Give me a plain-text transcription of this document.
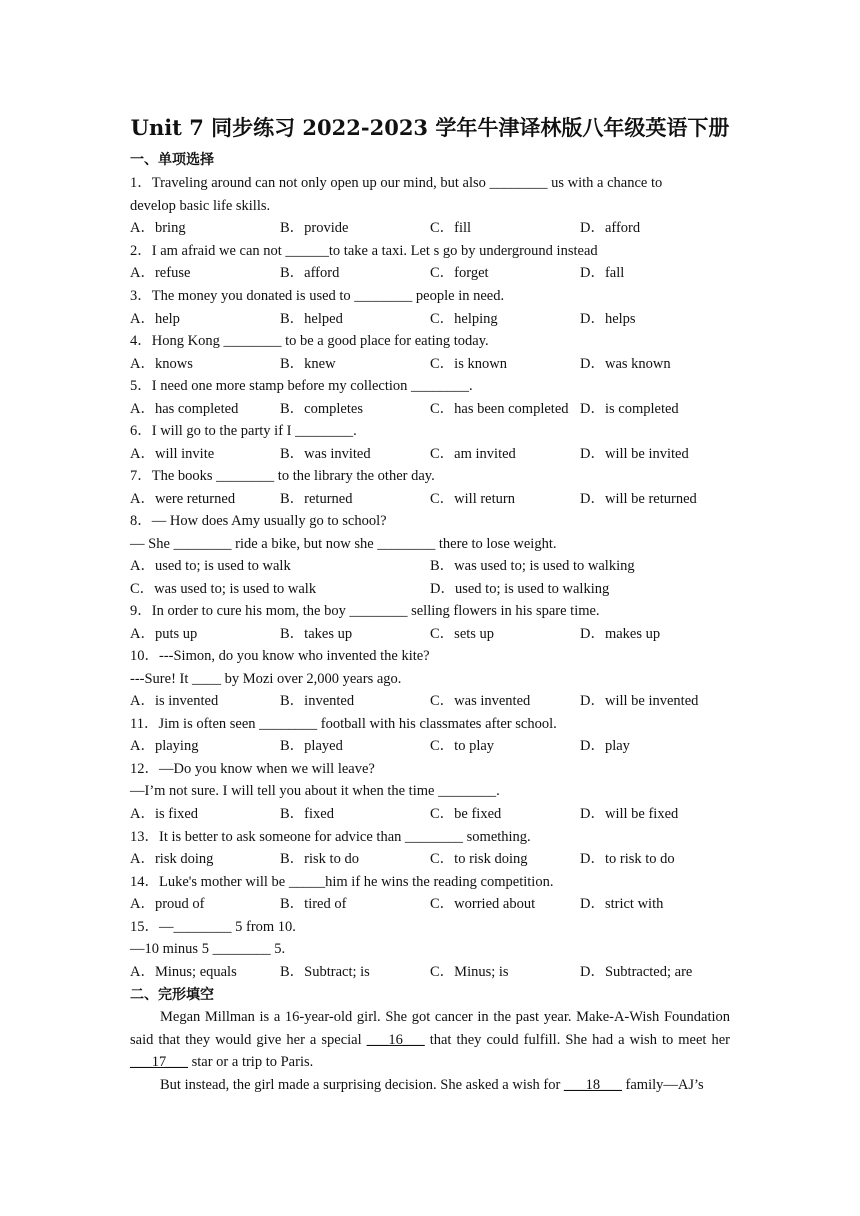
Unit 7 同步练习 2022-2023 学年牛津译林版八年级英语下册
一、单项选择
1．Traveling around can not only open up our mind, but also ________ us with a chance to
develop basic life skills.
A．bring	B．provide	C．fill	D．afford
2．I am afraid we can not ______to take a taxi. Let s go by underground instead
A．refuse	B．afford	C．forget	D．fall
3．The money you donated is used to ________ people in need.
A．help	B．helped	C．helping	D．helps
4．Hong Kong ________ to be a good place for eating today.
A．knows	B．knew	C．is known	D．was known
5．I need one more stamp before my collection ________.
A．has completed	B．completes	C．has been completed D．is completed
6．I will go to the party if I ________.
A．will invite	B．was invited	C．am invited	D．will be invited
7．The books ________ to the library the other day.
A．were returned	B．returned	C．will return	D．will be returned
8．— How does Amy usually go to school?
— She ________ ride a bike, but now she ________ there to lose weight.
A．used to; is used to walk	B．was used to; is used to walking
C．was used to; is used to walk	D．used to; is used to walking
9．In order to cure his mom, the boy ________ selling flowers in his spare time.
A．puts up	B．takes up	C．sets up	D．makes up
10．---Simon, do you know who invented the kite?
---Sure! It ____ by Mozi over 2,000 years ago.
A．is invented	B．invented	C．was invented	D．will be invented
11．Jim is often seen ________ football with his classmates after school.
A．playing	B．played	C．to play	D．play
12．—Do you know when we will leave?
—I’m not sure. I will tell you about it when the time ________.
A．is fixed	B．fixed	C．be fixed	D．will be fixed
13．It is better to ask someone for advice than ________ something.
A．risk doing	B．risk to do	C．to risk doing	D．to risk to do
14．Luke's mother will be _____him if he wins the reading competition.
A．proud of	B．tired of	C．worried about	D．strict with
15．—________ 5 from 10.
—10 minus 5 ________ 5.
A．Minus; equals	B．Subtract; is	C．Minus; is	D．Subtracted; are
二、完形填空
Megan Millman is a 16-year-old girl. She got cancer in the past year. Make-A-Wish Foundation said that they would give her a special ___16___ that they could fulfill. She had a wish to meet her ___17___ star or a trip to Paris.
But instead, the girl made a surprising decision. She asked a wish for ___18___ family—AJ’s
